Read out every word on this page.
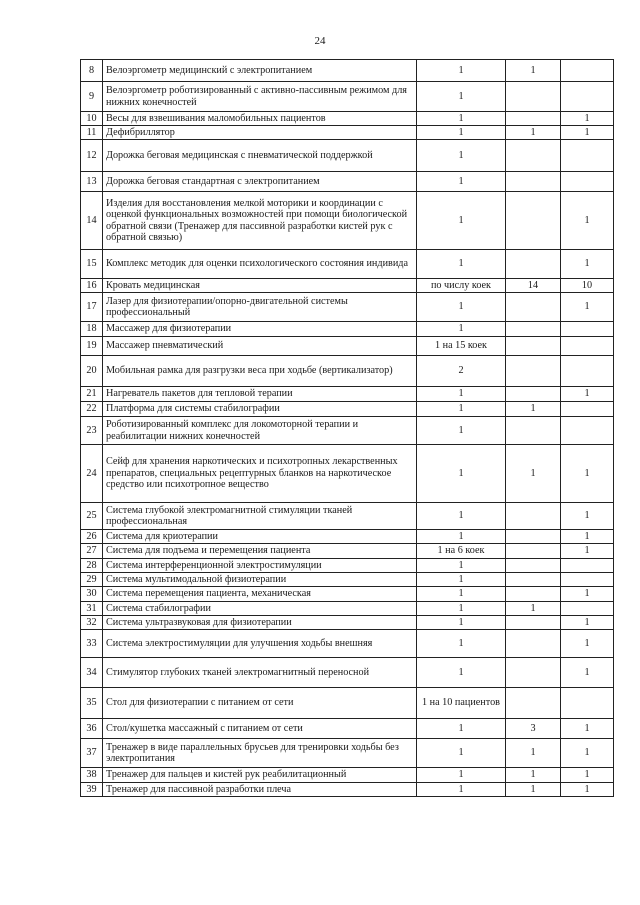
24
8	Велоэргометр медицинский с электропитанием	1	1	
9	Велоэргометр роботизированный с активно-пассивным режимом для нижних конечностей	1		
10	Весы для взвешивания маломобильных пациентов	1		1
11	Дефибриллятор	1	1	1
12	Дорожка беговая медицинская с пневматической поддержкой	1		
13	Дорожка беговая стандартная с электропитанием	1		
14	Изделия для восстановления мелкой моторики и координации с оценкой функциональных возможностей при помощи биологической обратной связи (Тренажер для пассивной разработки кистей рук с обратной связью)	1		1
15	Комплекс методик для оценки психологического состояния индивида	1		1
16	Кровать медицинская	по числу коек	14	10
17	Лазер для физиотерапии/опорно-двигательной системы профессиональный	1		1
18	Массажер для физиотерапии	1		
19	Массажер пневматический	1 на 15 коек		
20	Мобильная рамка для разгрузки веса при ходьбе (вертикализатор)	2		
21	Нагреватель пакетов для тепловой терапии	1		1
22	Платформа для системы стабилографии	1	1	
23	Роботизированный комплекс для локомоторной терапии и реабилитации нижних конечностей	1		
24	Сейф для хранения наркотических и психотропных лекарственных препаратов, специальных рецептурных бланков на наркотическое средство или психотропное вещество	1	1	1
25	Система глубокой электромагнитной стимуляции тканей профессиональная	1		1
26	Система для криотерапии	1		1
27	Система для подъема и перемещения пациента	1 на 6 коек		1
28	Система интерференционной электростимуляции	1		
29	Система мультимодальной физиотерапии	1		
30	Система перемещения пациента, механическая	1		1
31	Система стабилографии	1	1	
32	Система ультразвуковая для физиотерапии	1		1
33	Система электростимуляции для улучшения ходьбы внешняя	1		1
34	Стимулятор глубоких тканей электромагнитный переносной	1		1
35	Стол для физиотерапии с питанием от сети	1 на 10 пациентов		
36	Стол/кушетка массажный с питанием от сети	1	3	1
37	Тренажер в виде параллельных брусьев для тренировки ходьбы без электропитания	1	1	1
38	Тренажер для пальцев и кистей рук реабилитационный	1	1	1
39	Тренажер для пассивной разработки плеча	1	1	1
